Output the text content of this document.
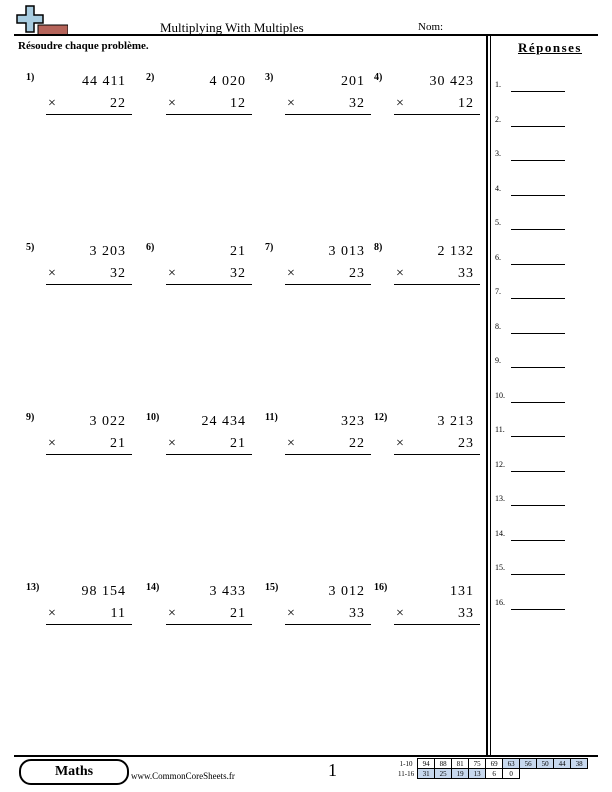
Multiplying With Multiples	Nom:
Résoudre chaque problème.	Réponses
1.
2.
3.
4.
5.
6.
7.
8.
9.
10.
11.
12.
13.
14.
15.
16.
1)	44 411
×	22
2)	4 020
×	12
3)	201
×	32
4)	30 423
×	12
5)	3 203
×	32
6)	21
×	32
7)	3 013
×	23
8)	2 132
×	33
9)	3 022
×	21
10)	24 434
×	21
11)	323
×	22
12)	3 213
×	23
13)	98 154
×	11
14)	3 433
×	21
15)	3 012
×	33
16)	131
×	33
Maths	www.CommonCoreSheets.fr	1	1-10	94	88	81	75	69	63	56	50	44	38
11-16	31	25	19	13	6	0				
